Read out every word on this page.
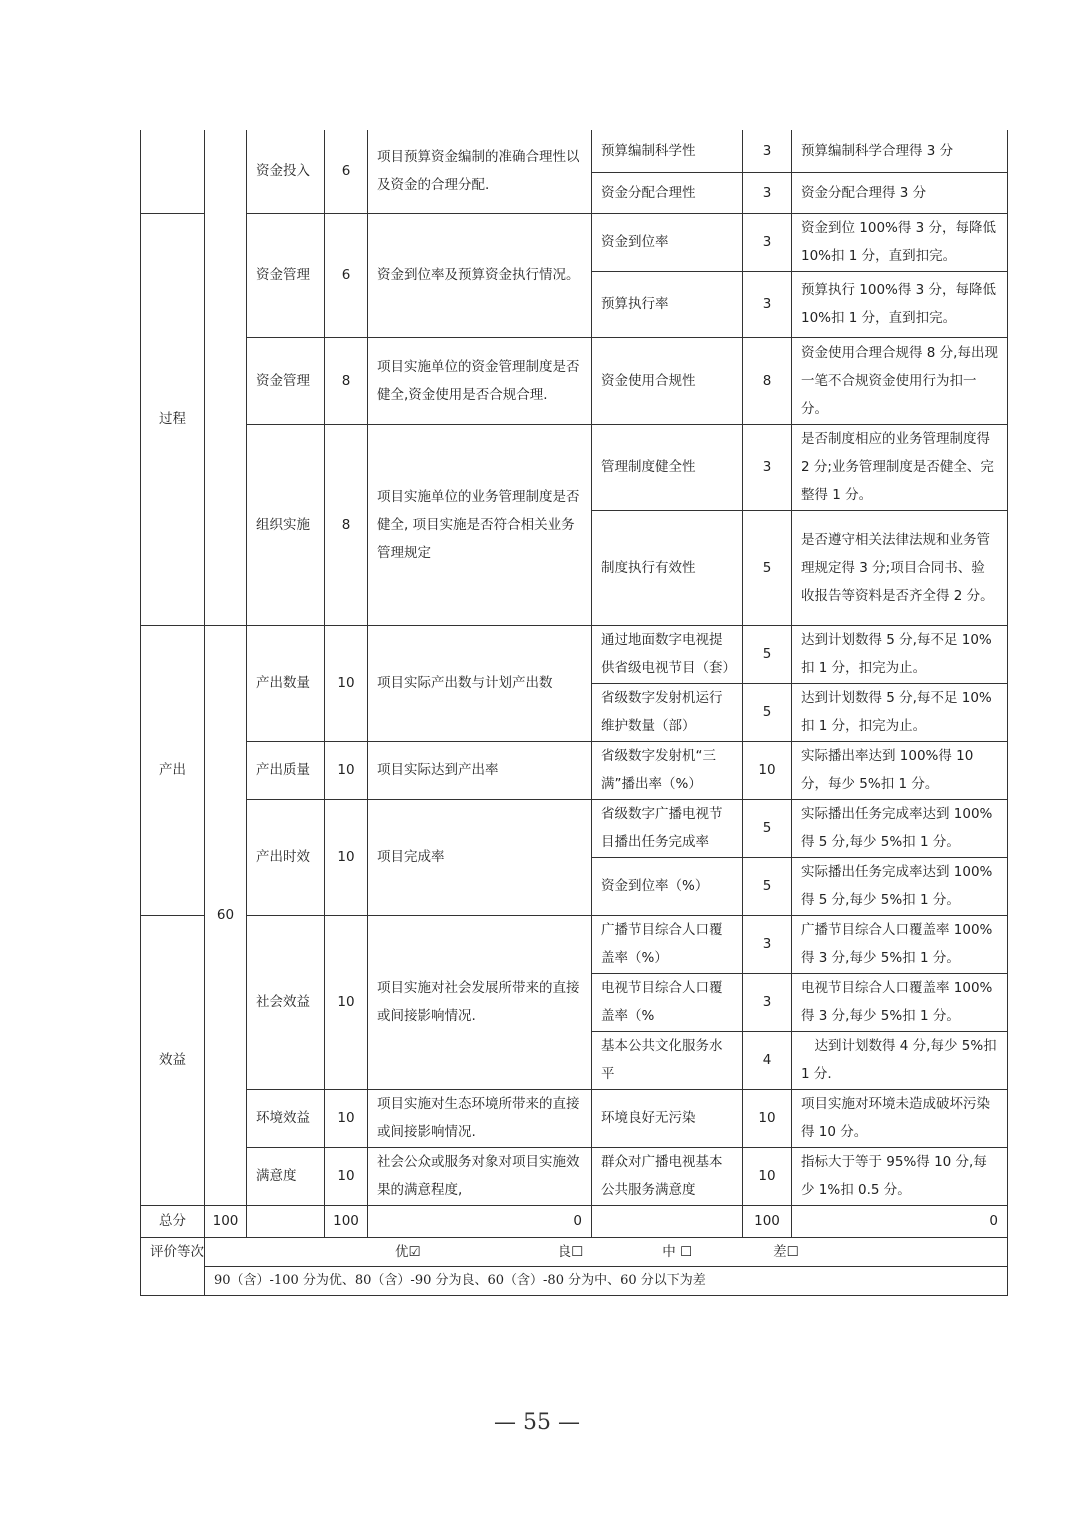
		资金投入	6	项目预算资金编制的准确合理性以及资金的合理分配.	预算编制科学性	3	预算编制科学合理得 3 分
					资金分配合理性	3	资金分配合理得 3 分
过程		资金管理	6	资金到位率及预算资金执行情况。	资金到位率	3	资金到位 100%得 3 分，每降低 10%扣 1 分，直到扣完。
					预算执行率	3	预算执行 100%得 3 分，每降低 10%扣 1 分，直到扣完。
		资金管理	8	项目实施单位的资金管理制度是否健全,资金使用是否合规合理.	资金使用合规性	8	资金使用合理合规得 8 分,每出现一笔不合规资金使用行为扣一分。
		组织实施	8	项目实施单位的业务管理制度是否健全, 项目实施是否符合相关业务管理规定	管理制度健全性	3	是否制度相应的业务管理制度得 2 分;业务管理制度是否健全、完整得 1 分。
					制度执行有效性	5	是否遵守相关法律法规和业务管理规定得 3 分;项目合同书、验收报告等资料是否齐全得 2 分。
产出	60	产出数量	10	项目实际产出数与计划产出数	通过地面数字电视提供省级电视节目（套）	5	达到计划数得 5 分,每不足 10%扣 1 分，扣完为止。
					省级数字发射机运行维护数量（部）	5	达到计划数得 5 分,每不足 10%扣 1 分，扣完为止。
		产出质量	10	项目实际达到产出率	省级数字发射机“三满”播出率（%）	10	实际播出率达到 100%得 10 分，每少 5%扣 1 分。
		产出时效	10	项目完成率	省级数字广播电视节目播出任务完成率	5	实际播出任务完成率达到 100%得 5 分,每少 5%扣 1 分。
					资金到位率（%）	5	实际播出任务完成率达到 100%得 5 分,每少 5%扣 1 分。
效益		社会效益	10	项目实施对社会发展所带来的直接或间接影响情况.	广播节目综合人口覆盖率（%）	3	广播节目综合人口覆盖率 100%得 3 分,每少 5%扣 1 分。
					电视节目综合人口覆盖率（%	3	电视节目综合人口覆盖率 100%得 3 分,每少 5%扣 1 分。
					基本公共文化服务水平	4	　达到计划数得 4 分,每少 5%扣 1 分.
		环境效益	10	项目实施对生态环境所带来的直接或间接影响情况.	环境良好无污染	10	项目实施对环境未造成破坏污染得 10 分。
		满意度	10	社会公众或服务对象对项目实施效果的满意程度,	群众对广播电视基本公共服务满意度	10	指标大于等于 95%得 10 分,每少 1%扣 0.5 分。
总分	100		100	0		100	0
评价等次	优☑ 良☐ 中 ☐ 差☐						

	90（含）-100 分为优、80（含）-90 分为良、60（含）-80 分为中、60 分以下为差						
— 55 —
